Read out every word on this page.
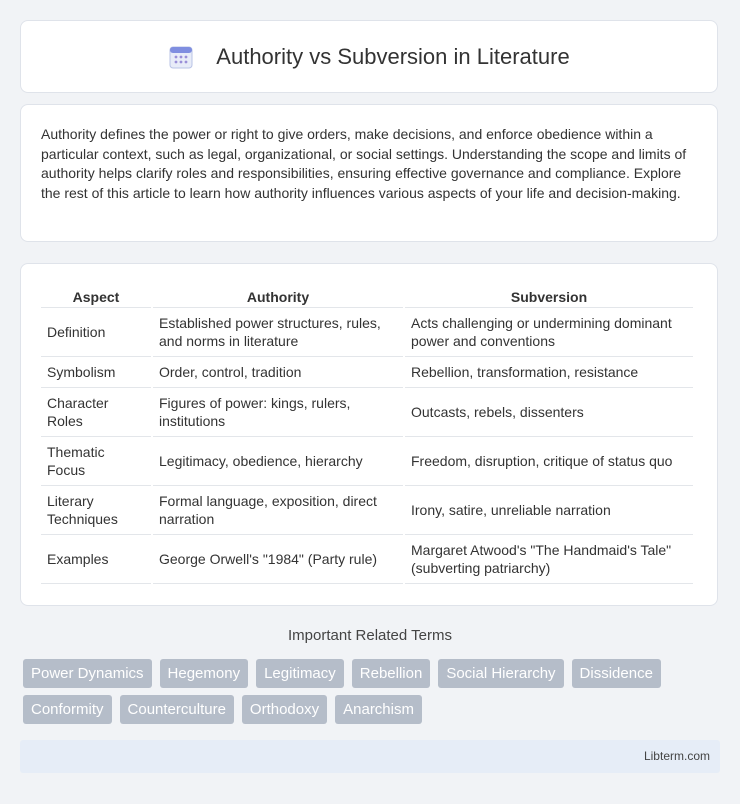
Authority vs Subversion in Literature

Authority defines the power or right to give orders, make decisions, and enforce obedience within a particular context, such as legal, organizational, or social settings. Understanding the scope and limits of authority helps clarify roles and responsibilities, ensuring effective governance and compliance. Explore the rest of this article to learn how authority influences various aspects of your life and decision-making.

Aspect	Authority	Subversion
Definition	Established power structures, rules, and norms in literature	Acts challenging or undermining dominant power and conventions
Symbolism	Order, control, tradition	Rebellion, transformation, resistance
Character Roles	Figures of power: kings, rulers, institutions	Outcasts, rebels, dissenters
Thematic Focus	Legitimacy, obedience, hierarchy	Freedom, disruption, critique of status quo
Literary Techniques	Formal language, exposition, direct narration	Irony, satire, unreliable narration
Examples	George Orwell's "1984" (Party rule)	Margaret Atwood's "The Handmaid's Tale" (subverting patriarchy)
Important Related Terms
Power Dynamics	Hegemony	Legitimacy	Rebellion	Social Hierarchy	Dissidence
Conformity	Counterculture	Orthodoxy	Anarchism
Libterm.com
